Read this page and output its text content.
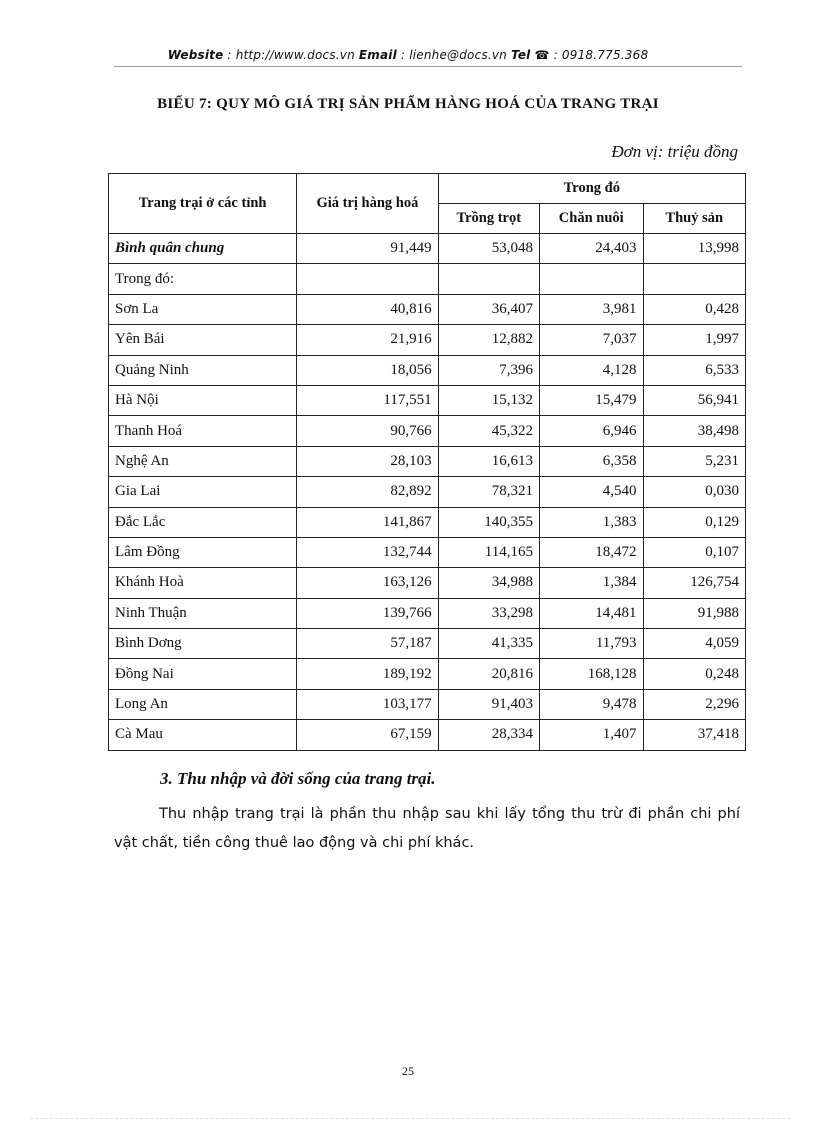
Website : http://www.docs.vn Email : lienhe@docs.vn Tel ☎ : 0918.775.368
BIỂU 7: QUY MÔ GIÁ TRỊ SẢN PHẨM HÀNG HOÁ CỦA TRANG TRẠI
Đơn vị: triệu đồng
Trang trại ở các tỉnh	Giá trị hàng hoá	Trong đó		
		Trồng trọt	Chăn nuôi	Thuỷ sản
Bình quân chung	91,449	53,048	24,403	13,998
Trong đó:				
Sơn La	40,816	36,407	3,981	0,428
Yên Bái	21,916	12,882	7,037	1,997
Quảng Ninh	18,056	7,396	4,128	6,533
Hà Nội	117,551	15,132	15,479	56,941
Thanh Hoá	90,766	45,322	6,946	38,498
Nghệ An	28,103	16,613	6,358	5,231
Gia Lai	82,892	78,321	4,540	0,030
Đắc Lắc	141,867	140,355	1,383	0,129
Lâm Đồng	132,744	114,165	18,472	0,107
Khánh Hoà	163,126	34,988	1,384	126,754
Ninh Thuận	139,766	33,298	14,481	91,988
Bình Dơng	57,187	41,335	11,793	4,059
Đồng Nai	189,192	20,816	168,128	0,248
Long An	103,177	91,403	9,478	2,296
Cà Mau	67,159	28,334	1,407	37,418
3. Thu nhập và đời sống của trang trại.
Thu nhập trang trại là phần thu nhập sau khi lấy tổng thu trừ đi phần chi phí vật chất, tiền công thuê lao động và chi phí khác.
25
